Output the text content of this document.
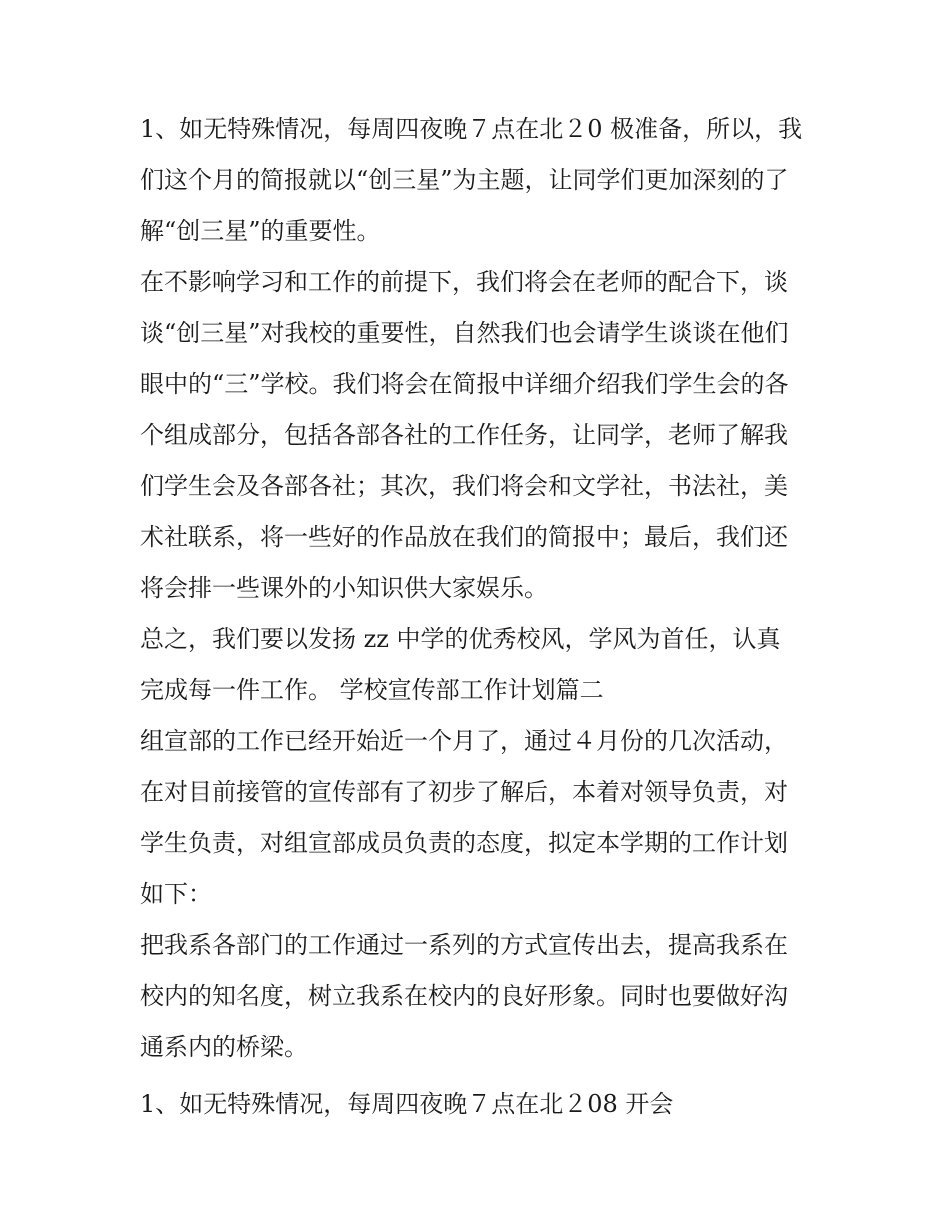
1、如无特殊情况，每周四夜晚７点在北２0 极准备，所以，我
们这个月的简报就以“创三星”为主题，让同学们更加深刻的了
解“创三星”的重要性。
在不影响学习和工作的前提下，我们将会在老师的配合下，谈
谈“创三星”对我校的重要性，自然我们也会请学生谈谈在他们
眼中的“三”学校。我们将会在简报中详细介绍我们学生会的各
个组成部分，包括各部各社的工作任务，让同学，老师了解我
们学生会及各部各社；其次，我们将会和文学社，书法社，美
术社联系，将一些好的作品放在我们的简报中；最后，我们还
将会排一些课外的小知识供大家娱乐。
总之，我们要以发扬 zz 中学的优秀校风，学风为首任，认真
完成每一件工作。 学校宣传部工作计划篇二
组宣部的工作已经开始近一个月了，通过４月份的几次活动，
在对目前接管的宣传部有了初步了解后，本着对领导负责，对
学生负责，对组宣部成员负责的态度，拟定本学期的工作计划
如下：
把我系各部门的工作通过一系列的方式宣传出去，提高我系在
校内的知名度，树立我系在校内的良好形象。同时也要做好沟
通系内的桥梁。
1、如无特殊情况，每周四夜晚７点在北２08 开会
